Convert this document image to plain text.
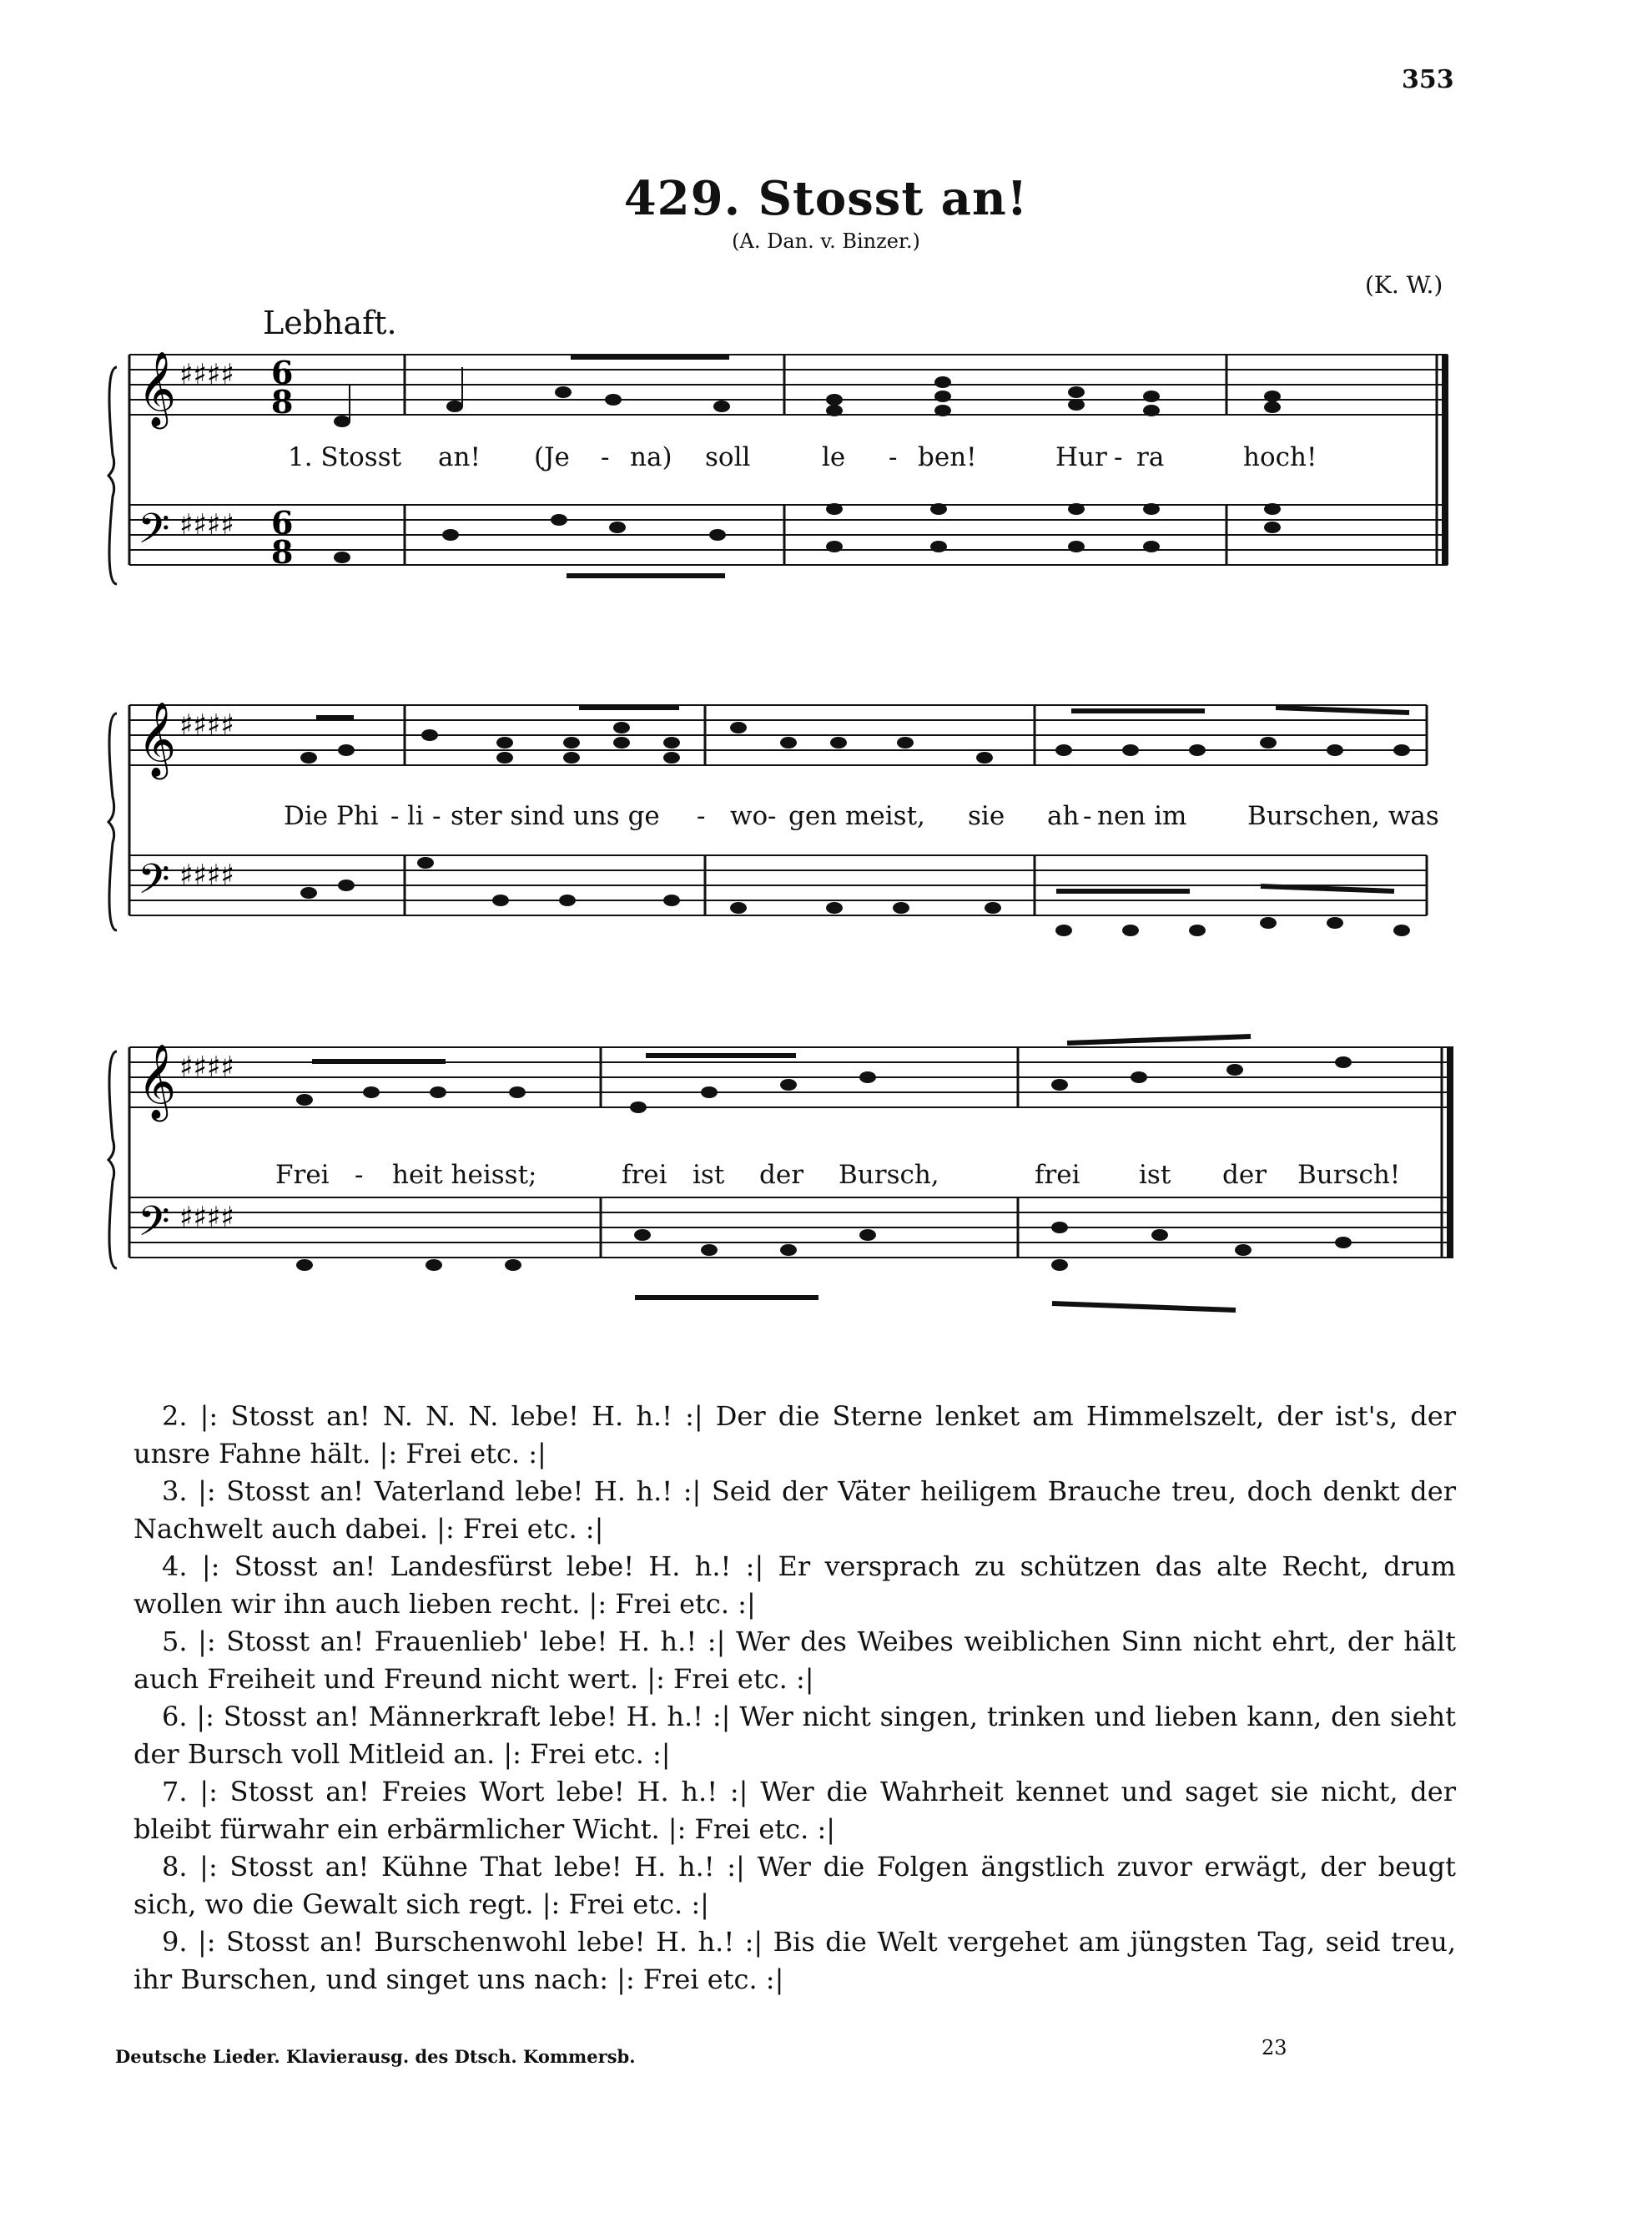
353
429. Stosst an!
(A. Dan. v. Binzer.)
(K. W.)
Lebhaft.
𝄞
𝄢
♯♯♯♯
♯♯♯♯
6
8
6
8
𝄞
𝄢
♯♯♯♯
♯♯♯♯
𝄞
𝄢
♯♯♯♯
♯♯♯♯
1. Stosst an! (Je - na) soll	le - ben!	Hur - ra	hoch!
Die Phi - li - ster sind uns ge - wo - gen meist, sie ah - nen im Burschen, was
Frei - heit heisst;	frei ist der Bursch,	frei ist der Bursch!
2. |: Stosst an! N. N. N. lebe! H. h.! :| Der die Sterne lenket am Himmelszelt, der ist's, der unsre Fahne hält. |: Frei etc. :|
3. |: Stosst an! Vaterland lebe! H. h.! :| Seid der Väter heiligem Brauche treu, doch denkt der Nachwelt auch dabei. |: Frei etc. :|
4. |: Stosst an! Landesfürst lebe! H. h.! :| Er versprach zu schützen das alte Recht, drum wollen wir ihn auch lieben recht. |: Frei etc. :|
5. |: Stosst an! Frauenlieb' lebe! H. h.! :| Wer des Weibes weiblichen Sinn nicht ehrt, der hält auch Freiheit und Freund nicht wert. |: Frei etc. :|
6. |: Stosst an! Männerkraft lebe! H. h.! :| Wer nicht singen, trinken und lieben kann, den sieht der Bursch voll Mitleid an. |: Frei etc. :|
7. |: Stosst an! Freies Wort lebe! H. h.! :| Wer die Wahrheit kennet und saget sie nicht, der bleibt fürwahr ein erbärmlicher Wicht. |: Frei etc. :|
8. |: Stosst an! Kühne That lebe! H. h.! :| Wer die Folgen ängstlich zuvor erwägt, der beugt sich, wo die Gewalt sich regt. |: Frei etc. :|
9. |: Stosst an! Burschenwohl lebe! H. h.! :| Bis die Welt vergehet am jüngsten Tag, seid treu, ihr Burschen, und singet uns nach: |: Frei etc. :|
Deutsche Lieder. Klavierausg. des Dtsch. Kommersb.	23
